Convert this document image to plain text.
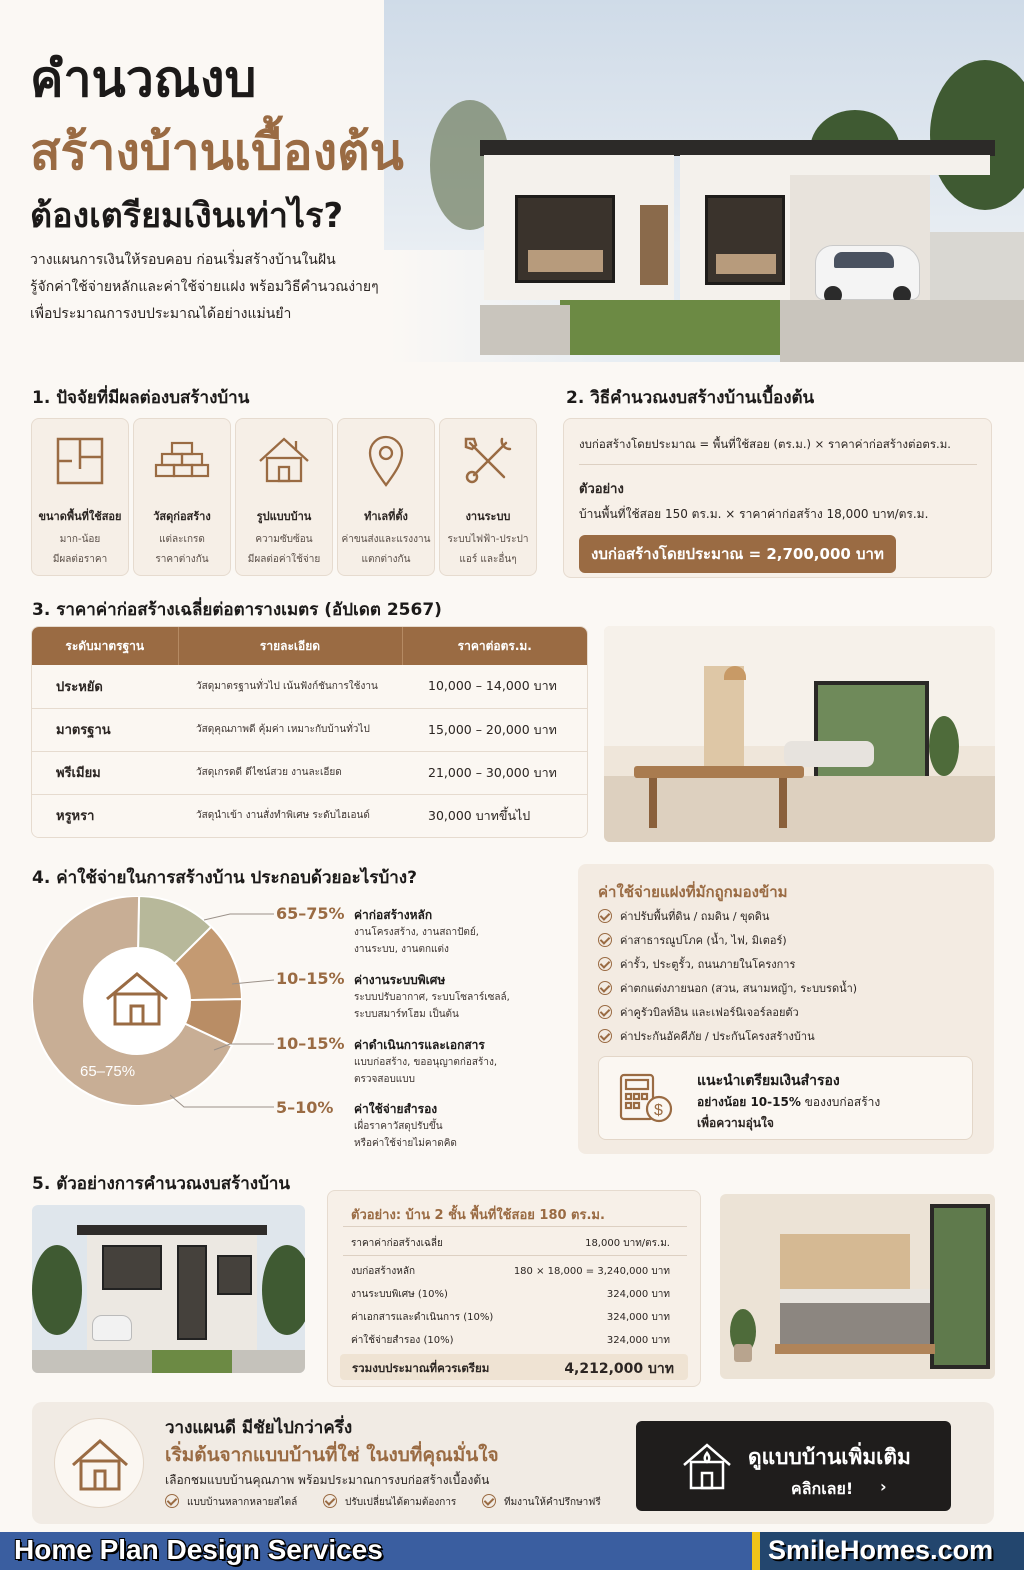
คำนวณงบ
สร้างบ้านเบื้องต้น
ต้องเตรียมเงินเท่าไร?
วางแผนการเงินให้รอบคอบ ก่อนเริ่มสร้างบ้านในฝัน
รู้จักค่าใช้จ่ายหลักและค่าใช้จ่ายแฝง พร้อมวิธีคำนวณง่ายๆ
เพื่อประมาณการงบประมาณได้อย่างแม่นยำ
1. ปัจจัยที่มีผลต่องบสร้างบ้าน
ขนาดพื้นที่ใช้สอย
มาก-น้อย
มีผลต่อราคา
วัสดุก่อสร้าง
แต่ละเกรด
ราคาต่างกัน
รูปแบบบ้าน
ความซับซ้อน
มีผลต่อค่าใช้จ่าย
ทำเลที่ตั้ง
ค่าขนส่งและแรงงาน
แตกต่างกัน
งานระบบ
ระบบไฟฟ้า-ประปา
แอร์ และอื่นๆ
2. วิธีคำนวณงบสร้างบ้านเบื้องต้น
งบก่อสร้างโดยประมาณ = พื้นที่ใช้สอย (ตร.ม.) × ราคาค่าก่อสร้างต่อตร.ม.
ตัวอย่าง
บ้านพื้นที่ใช้สอย 150 ตร.ม. × ราคาค่าก่อสร้าง 18,000 บาท/ตร.ม.
งบก่อสร้างโดยประมาณ = 2,700,000 บาท
3. ราคาค่าก่อสร้างเฉลี่ยต่อตารางเมตร (อัปเดต 2567)
ระดับมาตรฐาน	รายละเอียด	ราคาต่อตร.ม.
ประหยัด	วัสดุมาตรฐานทั่วไป เน้นฟังก์ชันการใช้งาน	10,000 – 14,000 บาท
มาตรฐาน	วัสดุคุณภาพดี คุ้มค่า เหมาะกับบ้านทั่วไป	15,000 – 20,000 บาท
พรีเมียม	วัสดุเกรดดี ดีไซน์สวย งานละเอียด	21,000 – 30,000 บาท
หรูหรา	วัสดุนำเข้า งานสั่งทำพิเศษ ระดับไฮเอนด์	30,000 บาทขึ้นไป
4. ค่าใช้จ่ายในการสร้างบ้าน ประกอบด้วยอะไรบ้าง?
65–75%
65–75% ค่าก่อสร้างหลัก
งานโครงสร้าง, งานสถาปัตย์,
งานระบบ, งานตกแต่ง
10–15% ค่างานระบบพิเศษ
ระบบปรับอากาศ, ระบบโซลาร์เซลล์,
ระบบสมาร์ทโฮม เป็นต้น
10–15% ค่าดำเนินการและเอกสาร
แบบก่อสร้าง, ขออนุญาตก่อสร้าง,
ตรวจสอบแบบ
5–10%	ค่าใช้จ่ายสำรอง
เผื่อราคาวัสดุปรับขึ้น
หรือค่าใช้จ่ายไม่คาดคิด
ค่าใช้จ่ายแฝงที่มักถูกมองข้าม
ค่าปรับพื้นที่ดิน / ถมดิน / ขุดดิน
ค่าสาธารณูปโภค (น้ำ, ไฟ, มิเตอร์)
ค่ารั้ว, ประตูรั้ว, ถนนภายในโครงการ
ค่าตกแต่งภายนอก (สวน, สนามหญ้า, ระบบรดน้ำ)
ค่าคูรัวบิลท์อิน และเฟอร์นิเจอร์ลอยตัว
ค่าประกันอัคคีภัย / ประกันโครงสร้างบ้าน
$
แนะนำเตรียมเงินสำรอง
อย่างน้อย 10-15% ของงบก่อสร้าง
เพื่อความอุ่นใจ
5. ตัวอย่างการคำนวณงบสร้างบ้าน
ตัวอย่าง: บ้าน 2 ชั้น พื้นที่ใช้สอย 180 ตร.ม.
ราคาค่าก่อสร้างเฉลี่ย	18,000 บาท/ตร.ม.
งบก่อสร้างหลัก	180 × 18,000 = 3,240,000 บาท
งานระบบพิเศษ (10%)	324,000 บาท
ค่าเอกสารและดำเนินการ (10%)	324,000 บาท
ค่าใช้จ่ายสำรอง (10%)	324,000 บาท
รวมงบประมาณที่ควรเตรียม	4,212,000 บาท
วางแผนดี มีชัยไปกว่าครึ่ง
เริ่มต้นจากแบบบ้านที่ใช่ ในงบที่คุณมั่นใจ
เลือกชมแบบบ้านคุณภาพ พร้อมประมาณการงบก่อสร้างเบื้องต้น
แบบบ้านหลากหลายสไตล์	ปรับเปลี่ยนได้ตามต้องการ	ทีมงานให้คำปรึกษาฟรี
ดูแบบบ้านเพิ่มเติม
คลิกเลย! ›
Home Plan Design Services	SmileHomes.com
